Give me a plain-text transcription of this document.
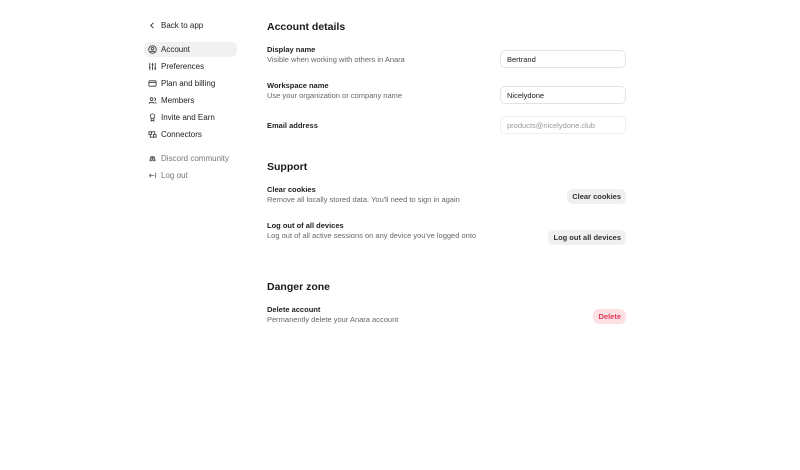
Back to app
Account
Preferences
Plan and billing
Members
Invite and Earn
Connectors
Discord community
Log out
Account details
Display name
Visible when working with others in Anara
Bertrand
Workspace name
Use your organization or company name
Nicelydone
Email address
products@nicelydone.club
Support
Clear cookies
Remove all locally stored data. You'll need to sign in again	Clear cookies
Log out of all devices
Log out of all active sessions on any device you've logged onto	Log out all devices
Danger zone
Delete account
Permanently delete your Anara account	Delete
